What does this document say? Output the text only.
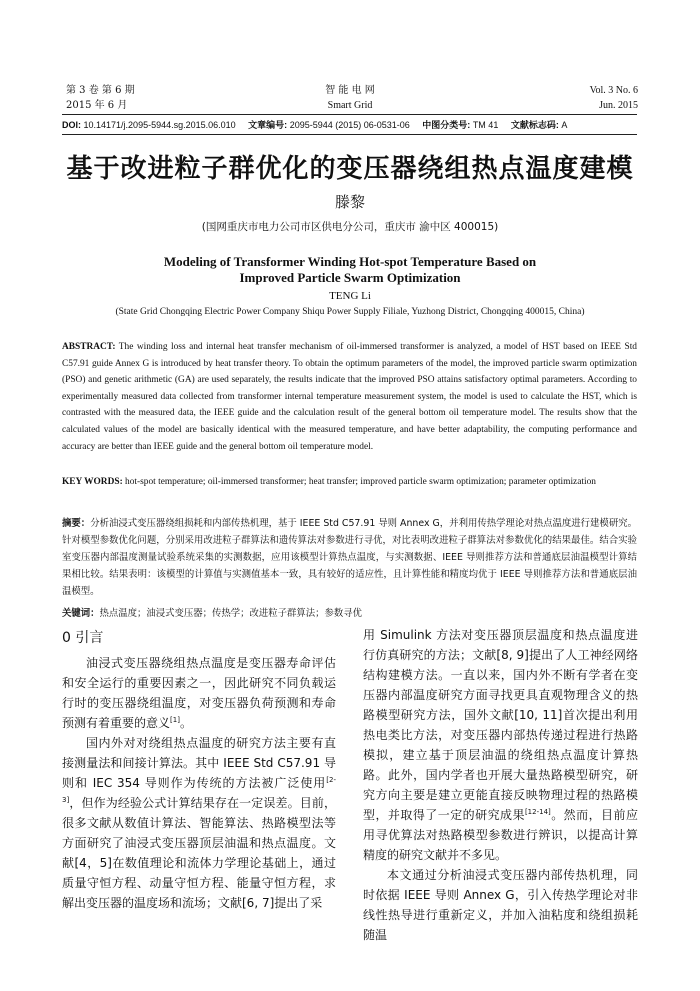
第 3 卷 第 6 期
2015 年 6 月
智 能 电 网
Smart Grid
Vol. 3 No. 6
Jun. 2015
DOI: 10.14171/j.2095-5944.sg.2015.06.010 文章编号: 2095-5944 (2015) 06-0531-06 中图分类号: TM 41 文献标志码: A
基于改进粒子群优化的变压器绕组热点温度建模
滕黎
(国网重庆市电力公司市区供电分公司，重庆市 渝中区 400015)
Modeling of Transformer Winding Hot-spot Temperature Based on
Improved Particle Swarm Optimization
TENG Li
(State Grid Chongqing Electric Power Company Shiqu Power Supply Filiale, Yuzhong District, Chongqing 400015, China)
ABSTRACT: The winding loss and internal heat transfer mechanism of oil-immersed transformer is analyzed, a model of HST based on IEEE Std C57.91 guide Annex G is introduced by heat transfer theory. To obtain the optimum parameters of the model, the improved particle swarm optimization (PSO) and genetic arithmetic (GA) are used separately, the results indicate that the improved PSO attains satisfactory optimal parameters. According to experimentally measured data collected from transformer internal temperature measurement system, the model is used to calculate the HST, which is contrasted with the measured data, the IEEE guide and the calculation result of the general bottom oil temperature model. The results show that the calculated values of the model are basically identical with the measured temperature, and have better adaptability, the computing performance and accuracy are better than IEEE guide and the general bottom oil temperature model.
KEY WORDS: hot-spot temperature; oil-immersed transformer; heat transfer; improved particle swarm optimization; parameter optimization
摘要：分析油浸式变压器绕组损耗和内部传热机理，基于 IEEE Std C57.91 导则 Annex G，并利用传热学理论对热点温度进行建模研究。针对模型参数优化问题，分别采用改进粒子群算法和遗传算法对参数进行寻优，对比表明改进粒子群算法对参数优化的结果最佳。结合实验室变压器内部温度测量试验系统采集的实测数据，应用该模型计算热点温度，与实测数据、IEEE 导则推荐方法和普通底层油温模型计算结果相比较。结果表明：该模型的计算值与实测值基本一致，具有较好的适应性，且计算性能和精度均优于 IEEE 导则推荐方法和普通底层油温模型。
关键词：热点温度；油浸式变压器；传热学；改进粒子群算法；参数寻优
0 引言

油浸式变压器绕组热点温度是变压器寿命评估和安全运行的重要因素之一，因此研究不同负载运行时的变压器绕组温度，对变压器负荷预测和寿命预测有着重要的意义[1]。

国内外对对绕组热点温度的研究方法主要有直接测量法和间接计算法。其中 IEEE Std C57.91 导则和 IEC 354 导则作为传统的方法被广泛使用[2-3]，但作为经验公式计算结果存在一定误差。目前，很多文献从数值计算法、智能算法、热路模型法等方面研究了油浸式变压器顶层油温和热点温度。文献[4，5]在数值理论和流体力学理论基础上，通过质量守恒方程、动量守恒方程、能量守恒方程，求解出变压器的温度场和流场；文献[6, 7]提出了采

用 Simulink 方法对变压器顶层温度和热点温度进行仿真研究的方法；文献[8, 9]提出了人工神经网络结构建模方法。一直以来，国内外不断有学者在变压器内部温度研究方面寻找更具直观物理含义的热路模型研究方法，国外文献[10, 11]首次提出利用热电类比方法，对变压器内部热传递过程进行热路模拟，建立基于顶层油温的绕组热点温度计算热路。此外，国内学者也开展大量热路模型研究，研究方向主要是建立更能直接反映物理过程的热路模型，并取得了一定的研究成果[12-14]。然而，目前应用寻优算法对热路模型参数进行辨识，以提高计算精度的研究文献并不多见。

本文通过分析油浸式变压器内部传热机理，同时依据 IEEE 导则 Annex G，引入传热学理论对非线性热导进行重新定义，并加入油粘度和绕组损耗随温
